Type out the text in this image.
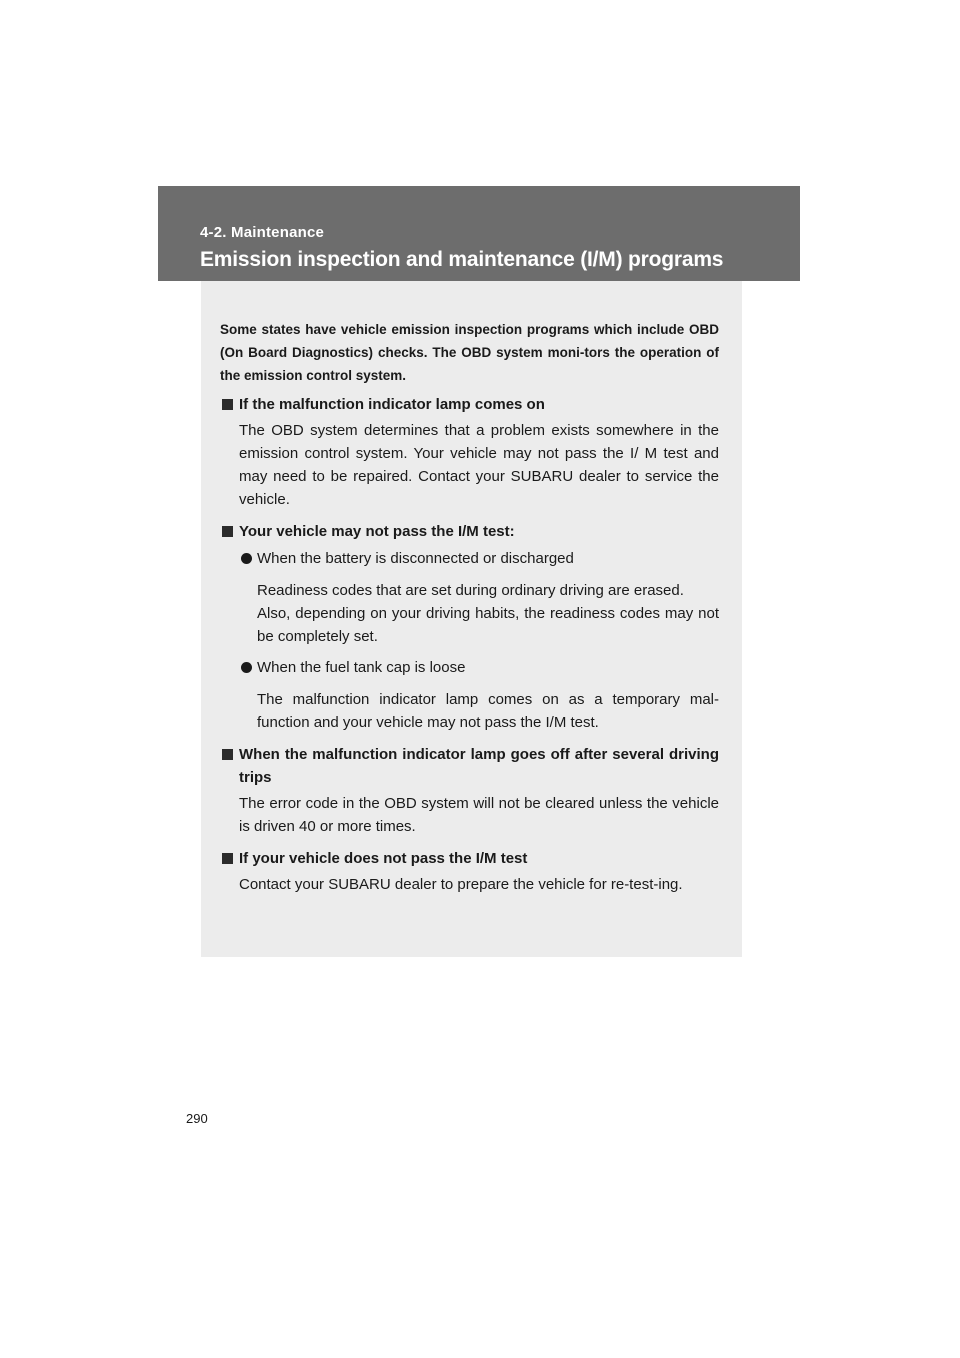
4-2. Maintenance
Emission inspection and maintenance (I/M) programs

Some states have vehicle emission inspection programs which include OBD (On Board Diagnostics) checks. The OBD system moni-tors the operation of the emission control system.

If the malfunction indicator lamp comes on

The OBD system determines that a problem exists somewhere in the emission control system. Your vehicle may not pass the I/ M test and may need to be repaired. Contact your SUBARU dealer to service the vehicle.

Your vehicle may not pass the I/M test:
When the battery is disconnected or discharged

Readiness codes that are set during ordinary driving are erased.

Also, depending on your driving habits, the readiness codes may not be completely set.

When the fuel tank cap is loose

The malfunction indicator lamp comes on as a temporary mal-function and your vehicle may not pass the I/M test.

When the malfunction indicator lamp goes off after several driving trips

The error code in the OBD system will not be cleared unless the vehicle is driven 40 or more times.

If your vehicle does not pass the I/M test

Contact your SUBARU dealer to prepare the vehicle for re-test-ing.

290
